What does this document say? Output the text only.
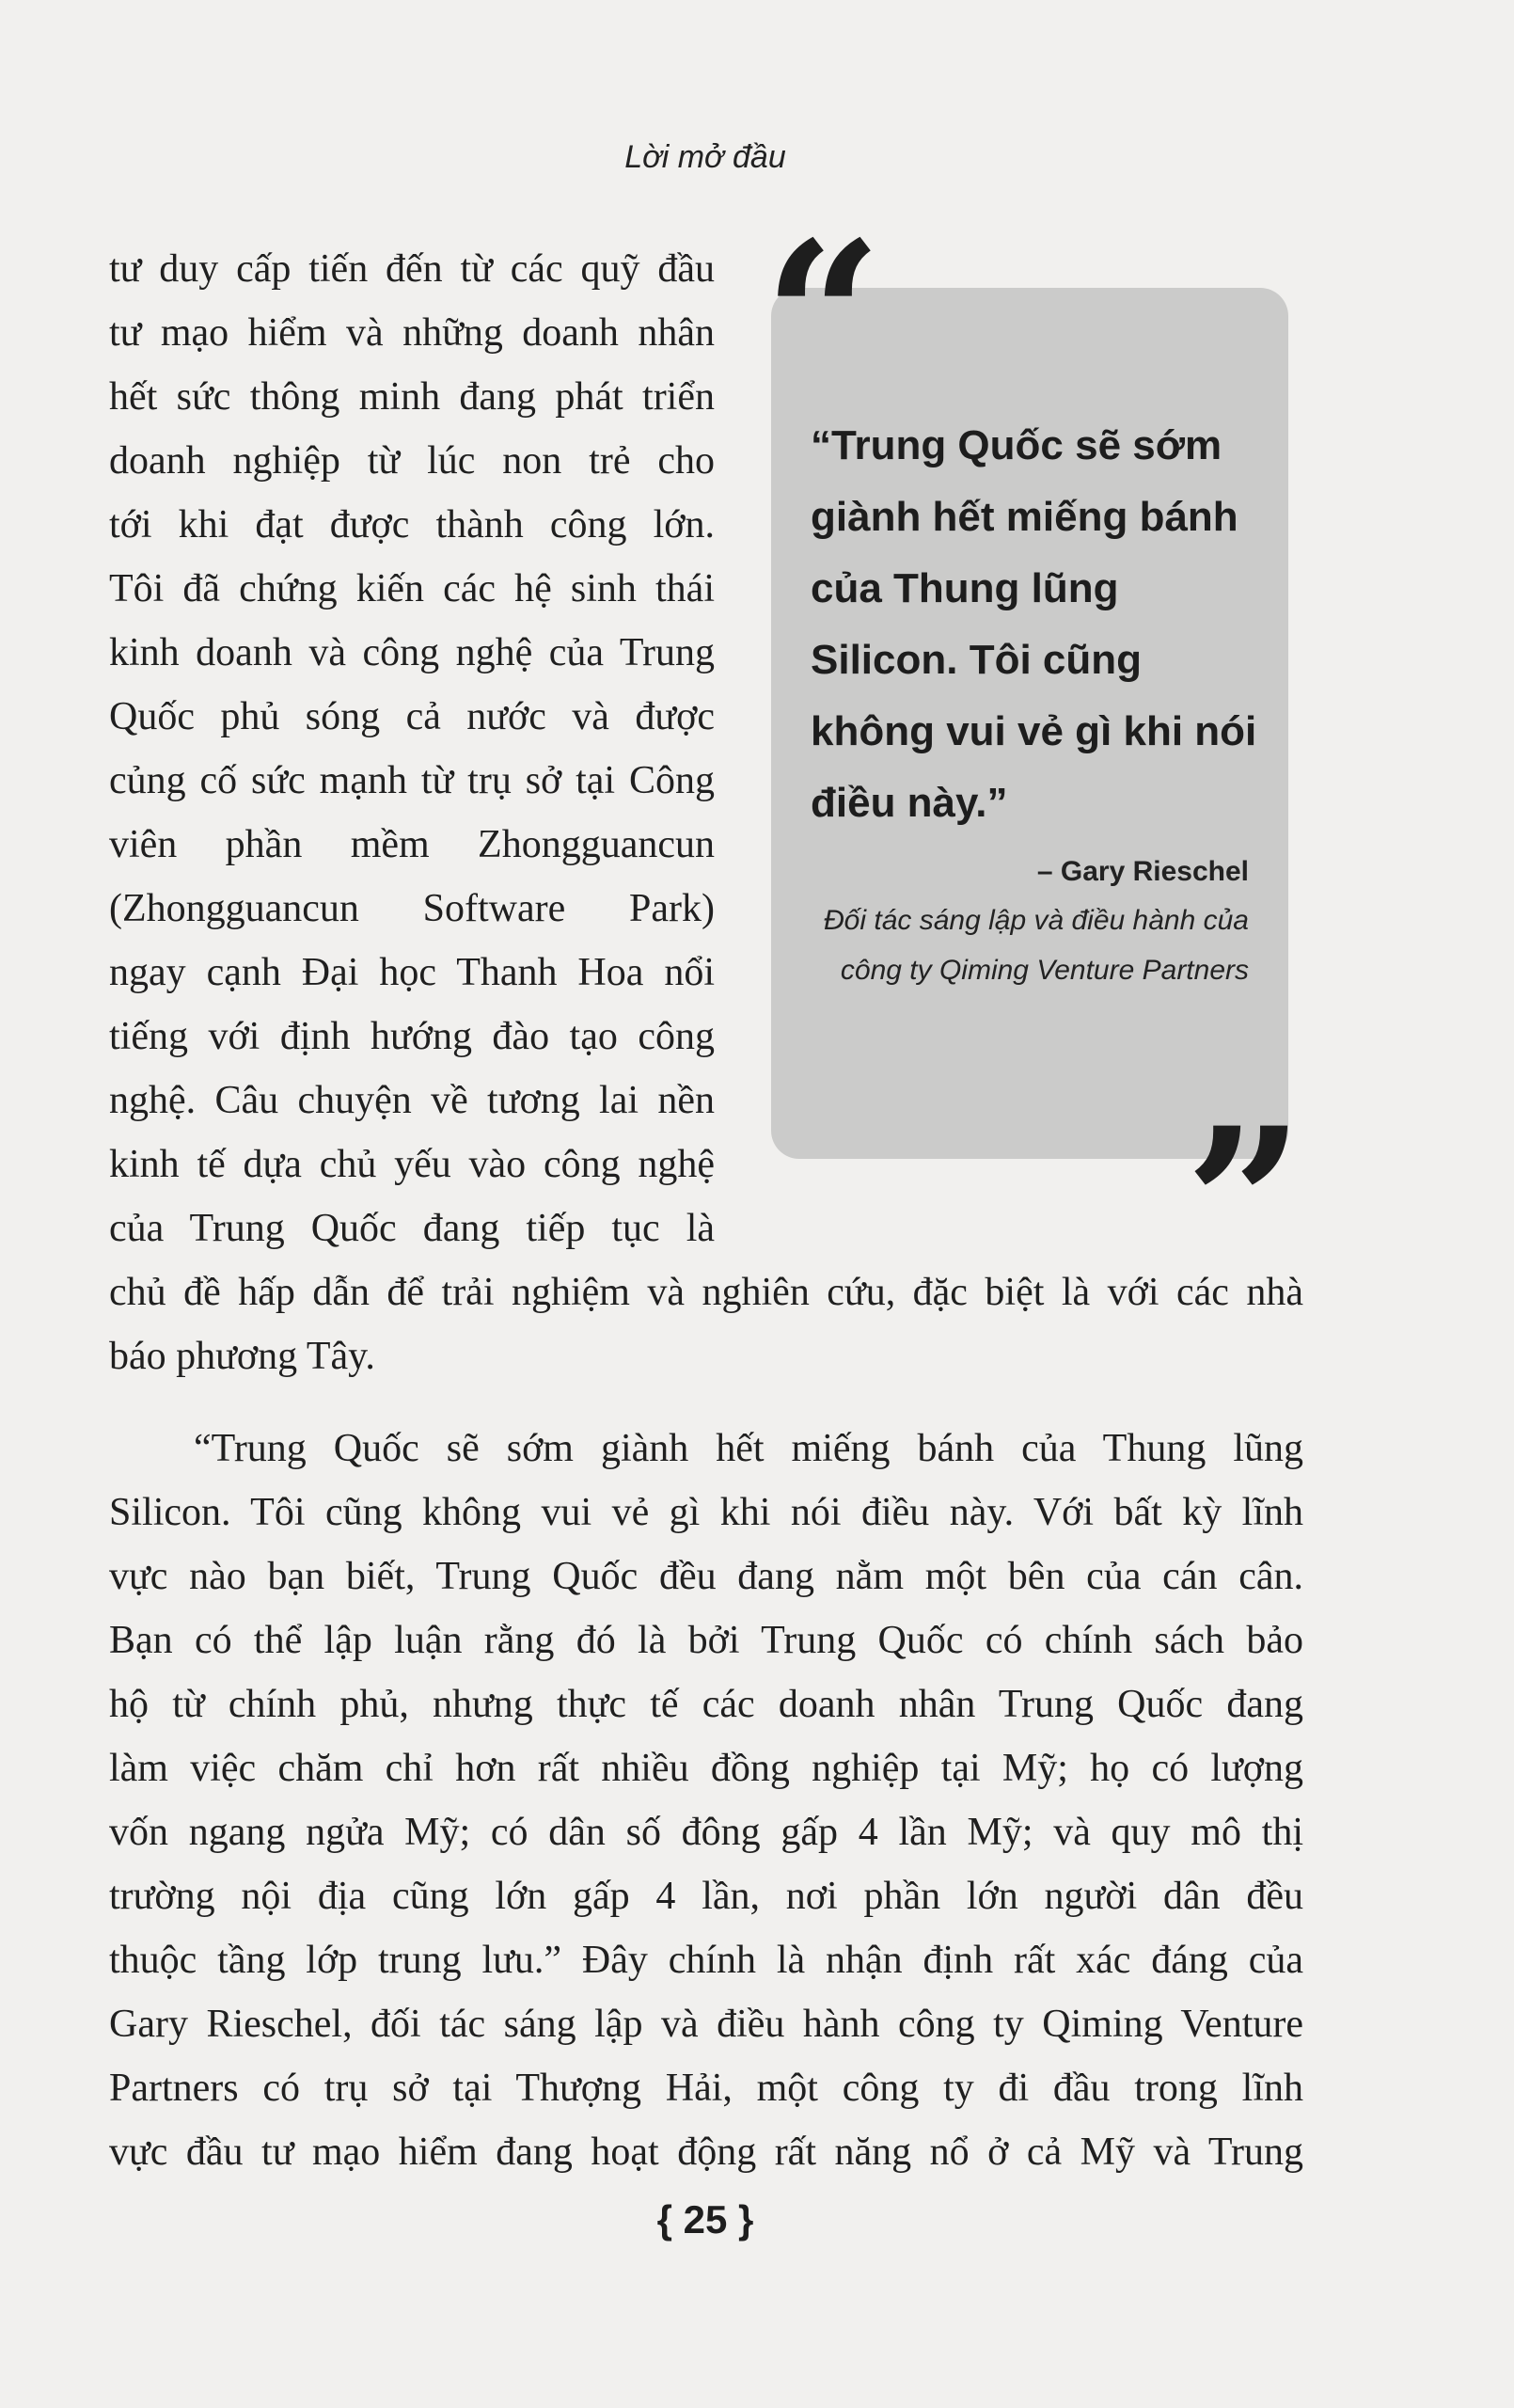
Lời mở đầu
tư duy cấp tiến đến từ các quỹ đầu
tư mạo hiểm và những doanh nhân
hết sức thông minh đang phát triển
doanh nghiệp từ lúc non trẻ cho
tới khi đạt được thành công lớn.
Tôi đã chứng kiến các hệ sinh thái
kinh doanh và công nghệ của Trung
Quốc phủ sóng cả nước và được
củng cố sức mạnh từ trụ sở tại Công
viên phần mềm Zhongguancun
(Zhongguancun Software Park)
ngay cạnh Đại học Thanh Hoa nổi
tiếng với định hướng đào tạo công
nghệ. Câu chuyện về tương lai nền
kinh tế dựa chủ yếu vào công nghệ
của Trung Quốc đang tiếp tục là
chủ đề hấp dẫn để trải nghiệm và nghiên cứu, đặc biệt là với các nhà
báo phương Tây.
“Trung Quốc sẽ sớm giành hết miếng bánh của Thung lũng
Silicon. Tôi cũng không vui vẻ gì khi nói điều này. Với bất kỳ lĩnh
vực nào bạn biết, Trung Quốc đều đang nằm một bên của cán cân.
Bạn có thể lập luận rằng đó là bởi Trung Quốc có chính sách bảo
hộ từ chính phủ, nhưng thực tế các doanh nhân Trung Quốc đang
làm việc chăm chỉ hơn rất nhiều đồng nghiệp tại Mỹ; họ có lượng
vốn ngang ngửa Mỹ; có dân số đông gấp 4 lần Mỹ; và quy mô thị
trường nội địa cũng lớn gấp 4 lần, nơi phần lớn người dân đều
thuộc tầng lớp trung lưu.” Đây chính là nhận định rất xác đáng của
Gary Rieschel, đối tác sáng lập và điều hành công ty Qiming Venture
Partners có trụ sở tại Thượng Hải, một công ty đi đầu trong lĩnh
vực đầu tư mạo hiểm đang hoạt động rất năng nổ ở cả Mỹ và Trung
“
“Trung Quốc sẽ sớm giành hết miếng bánh của Thung lũng Silicon. Tôi cũng không vui vẻ gì khi nói điều này.”
– Gary Rieschel
Đối tác sáng lập và điều hành của công ty Qiming Venture Partners
”
{ 25 }
